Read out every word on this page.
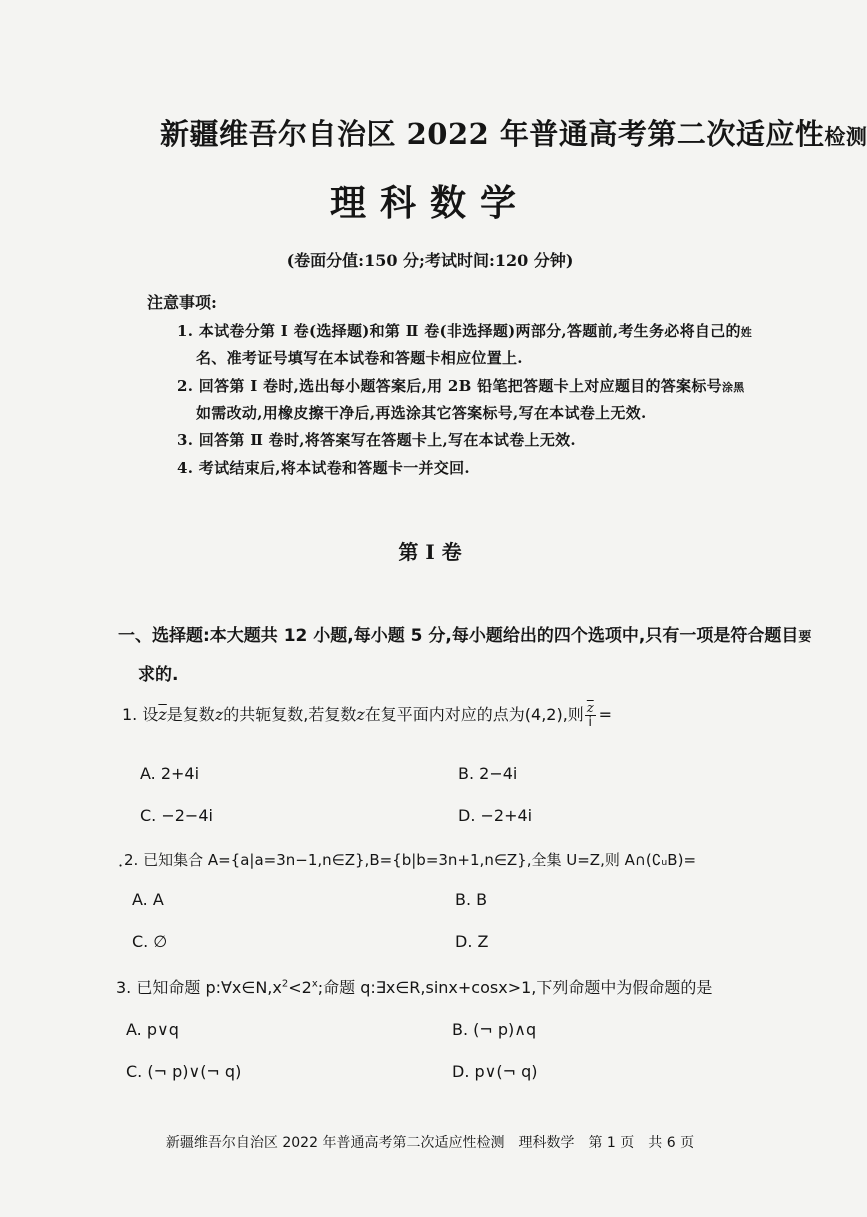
新疆维吾尔自治区 2022 年普通高考第二次适应性检测
理科数学
(卷面分值:150 分;考试时间:120 分钟)
注意事项:
1. 本试卷分第 Ⅰ 卷(选择题)和第 Ⅱ 卷(非选择题)两部分,答题前,考生务必将自己的姓
名、准考证号填写在本试卷和答题卡相应位置上.
2. 回答第 Ⅰ 卷时,选出每小题答案后,用 2B 铅笔把答题卡上对应题目的答案标号涂黑
如需改动,用橡皮擦干净后,再选涂其它答案标号,写在本试卷上无效.
3. 回答第 Ⅱ 卷时,将答案写在答题卡上,写在本试卷上无效.
4. 考试结束后,将本试卷和答题卡一并交回.
第 Ⅰ 卷
一、选择题:本大题共 12 小题,每小题 5 分,每小题给出的四个选项中,只有一项是符合题目要
求的.
1. 设$\overline{z}$是复数z的共轭复数,若复数z在复平面内对应的点为(4,2),则 $\frac{\overline{z}}{i}$ =
A. 2+4i	B. 2−4i
C. −2−4i	D. −2+4i
· 2. 已知集合 A={a|a=3n−1,n∈Z},B={b|b=3n+1,n∈Z},全集 U=Z,则 A∩(∁ᵤB)=
A. A	B. B
C. ∅	D. Z
3. 已知命题 $p:\forall x\in N,x^2<2^x$;命题 q:∃x∈R,sinx+cosx>1,下列命题中为假命题的是
A. p∨q	B. (¬ p)∧q
C. (¬ p)∨(¬ q)	D. p∨(¬ q)
新疆维吾尔自治区 2022 年普通高考第二次适应性检测　理科数学　第 1 页　共 6 页
